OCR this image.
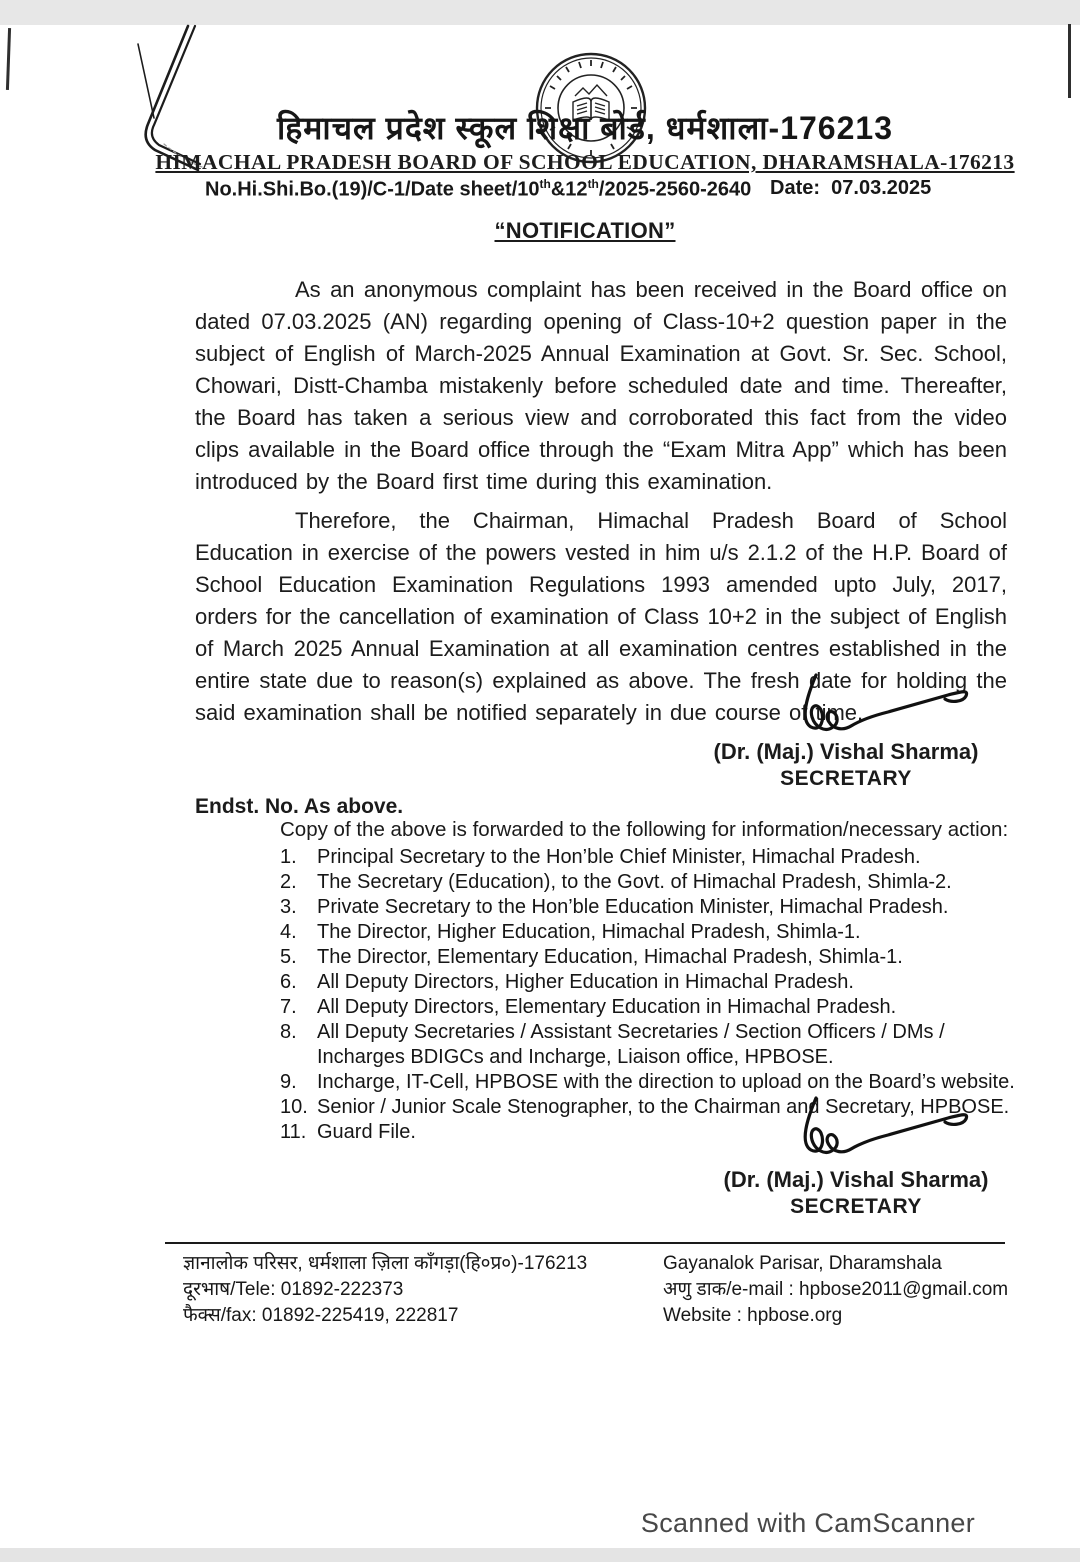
हिमाचल प्रदेश स्कूल शिक्षा बोर्ड, धर्मशाला-176213
HIMACHAL PRADESH BOARD OF SCHOOL EDUCATION, DHARAMSHALA-176213
No.Hi.Shi.Bo.(19)/C-1/Date sheet/10th&12th/2025-2560-2640 Date: 07.03.2025
“NOTIFICATION”

As an anonymous complaint has been received in the Board office on dated 07.03.2025 (AN) regarding opening of Class-10+2 question paper in the subject of English of March-2025 Annual Examination at Govt. Sr. Sec. School, Chowari, Distt-Chamba mistakenly before scheduled date and time. Thereafter, the Board has taken a serious view and corroborated this fact from the video clips available in the Board office through the “Exam Mitra App” which has been introduced by the Board first time during this examination.

Therefore, the Chairman, Himachal Pradesh Board of School Education in exercise of the powers vested in him u/s 2.1.2 of the H.P. Board of School Education Examination Regulations 1993 amended upto July, 2017, orders for the cancellation of examination of Class 10+2 in the subject of English of March 2025 Annual Examination at all examination centres established in the entire state due to reason(s) explained as above. The fresh date for holding the said examination shall be notified separately in due course of time.

(Dr. (Maj.) Vishal Sharma)
SECRETARY
Endst. No. As above.
Copy of the above is forwarded to the following for information/necessary action:
1.	Principal Secretary to the Hon’ble Chief Minister, Himachal Pradesh.
2.	The Secretary (Education), to the Govt. of Himachal Pradesh, Shimla-2.
3.	Private Secretary to the Hon’ble Education Minister, Himachal Pradesh.
4.	The Director, Higher Education, Himachal Pradesh, Shimla-1.
5.	The Director, Elementary Education, Himachal Pradesh, Shimla-1.
6.	All Deputy Directors, Higher Education in Himachal Pradesh.
7.	All Deputy Directors, Elementary Education in Himachal Pradesh.
8.	All Deputy Secretaries / Assistant Secretaries / Section Officers / DMs / Incharges BDIGCs and Incharge, Liaison office, HPBOSE.
9.	Incharge, IT-Cell, HPBOSE with the direction to upload on the Board’s website.
10. Senior / Junior Scale Stenographer, to the Chairman and Secretary, HPBOSE.
11. Guard File.
(Dr. (Maj.) Vishal Sharma)
SECRETARY
ज्ञानालोक परिसर, धर्मशाला ज़िला काँगड़ा(हि०प्र०)-176213
दूरभाष/Tele: 01892-222373
फैक्स/fax: 01892-225419, 222817
Gayanalok Parisar, Dharamshala
अणु डाक/e-mail : hpbose2011@gmail.com
Website : hpbose.org
Scanned with CamScanner
